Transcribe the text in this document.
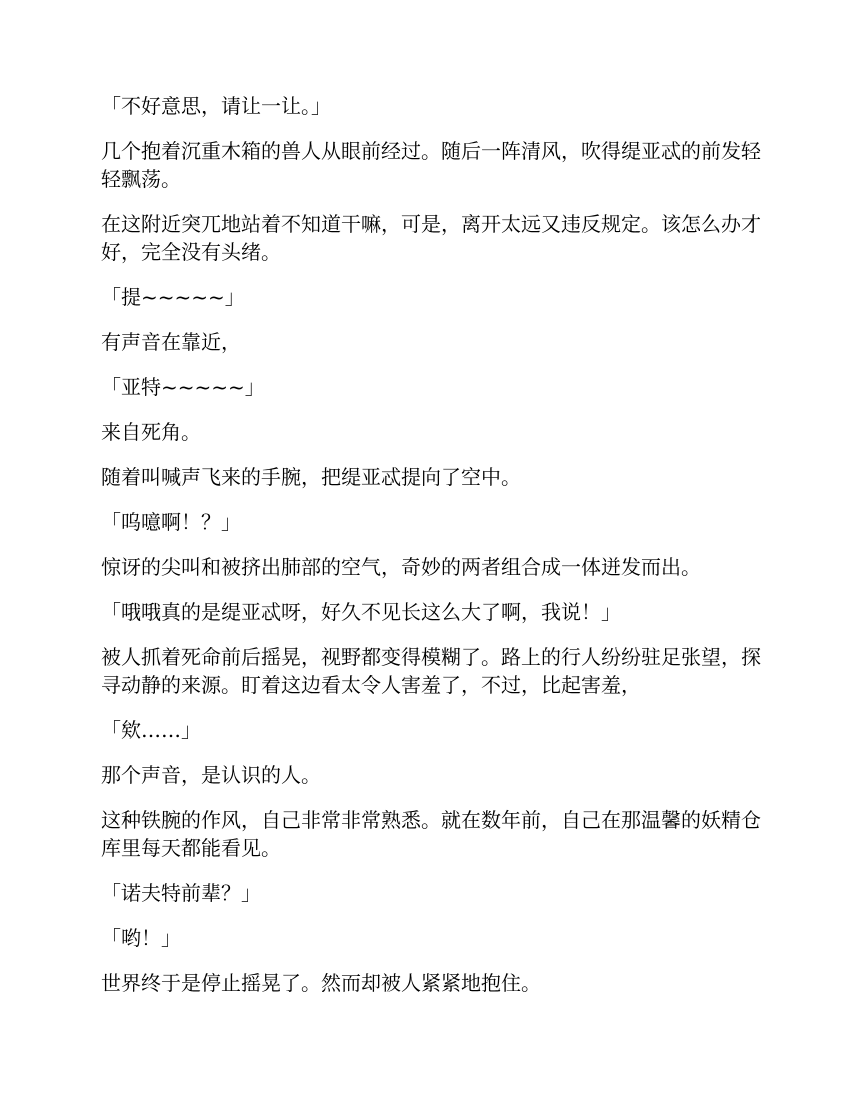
「不好意思，请让一让。」

几个抱着沉重木箱的兽人从眼前经过。随后一阵清风，吹得缇亚忒的前发轻轻飘荡。

在这附近突兀地站着不知道干嘛，可是，离开太远又违反规定。该怎么办才好，完全没有头绪。

「提~~~~~」

有声音在靠近，

「亚特~~~~~」

来自死角。

随着叫喊声飞来的手腕，把缇亚忒提向了空中。

「呜噫啊！？」

惊讶的尖叫和被挤出肺部的空气，奇妙的两者组合成一体迸发而出。

「哦哦真的是缇亚忒呀，好久不见长这么大了啊，我说！」

被人抓着死命前后摇晃，视野都变得模糊了。路上的行人纷纷驻足张望，探寻动静的来源。盯着这边看太令人害羞了，不过，比起害羞，

「欸……」

那个声音，是认识的人。

这种铁腕的作风，自己非常非常熟悉。就在数年前，自己在那温馨的妖精仓库里每天都能看见。

「诺夫特前辈？」

「哟！」

世界终于是停止摇晃了。然而却被人紧紧地抱住。
